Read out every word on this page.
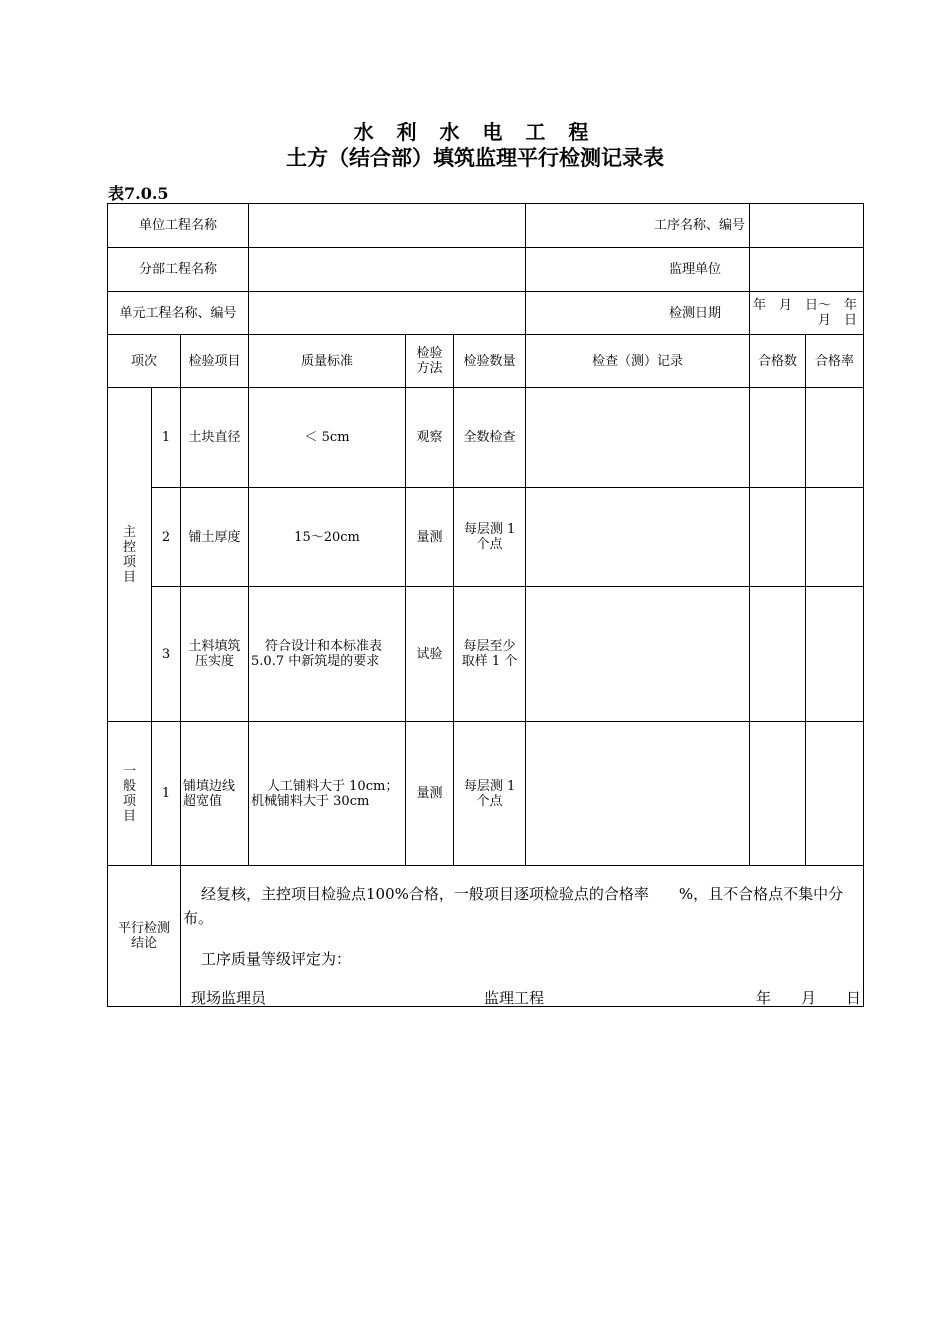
水 利 水 电 工 程
土方（结合部）填筑监理平行检测记录表
表7.0.5
单位工程名称						工序名称、编号		
分部工程名称						监理单位		
单元工程名称、编号						检测日期	年　月　日～　年　月　日	
项次		检验项目	质量标准	检验方法	检验数量	检查（测）记录	合格数	合格率
主控项目	1	土块直径	＜ 5cm	观察	全数检查			
	2	铺土厚度	15～20cm	量测	每层测 1 个点			
	3	土料填筑压实度	符合设计和本标准表 5.0.7 中新筑堤的要求	试验	每层至少取样 1 个			
一般项目	1	铺填边线超宽值	人工铺料大于 10cm；机械铺料大于 30cm	量测	每层测 1 个点			
平行检测结论		经复核，主控项目检验点100%合格，一般项目逐项检验点的合格率　　%，且不合格点不集中分布。
工序质量等级评定为：
现场监理员 监理工程 年　　月　　日						
